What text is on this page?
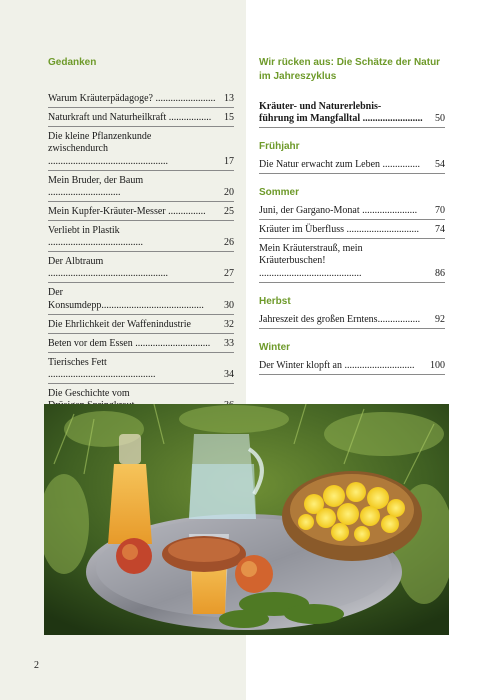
Gedanken

Warum Kräuterpädagoge? ........................ 13
Naturkraft und Naturheilkraft .................	15
Die kleine Pflanzenkunde
zwischendurch ................................................	17
Mein Bruder, der Baum .............................	20
Mein Kupfer-Kräuter-Messer ...............	25
Verliebt in Plastik ......................................	26
Der Albtraum ................................................	27
Der Konsumdepp.........................................	30
Die Ehrlichkeit der Waffenindustrie	32
Beten vor dem Essen ..............................	33
Tierisches Fett ...........................................	34
Die Geschichte vom

Wir rücken aus: Die Schätze der Natur
im Jahreszyklus

Kräuter- und Naturerlebnis-
führung im Mangfalltal ........................	50

Frühjahr

Die Natur erwacht zum Leben ...............	54

Sommer

Juni, der Gargano-Monat ......................	70
Kräuter im Überfluss .............................	74
Mein Kräuterstrauß, mein
Kräuterbuschen! .........................................	86

Herbst

Jahreszeit des großen Erntens.................	92

Winter

Der Winter klopft an ............................	100
2
